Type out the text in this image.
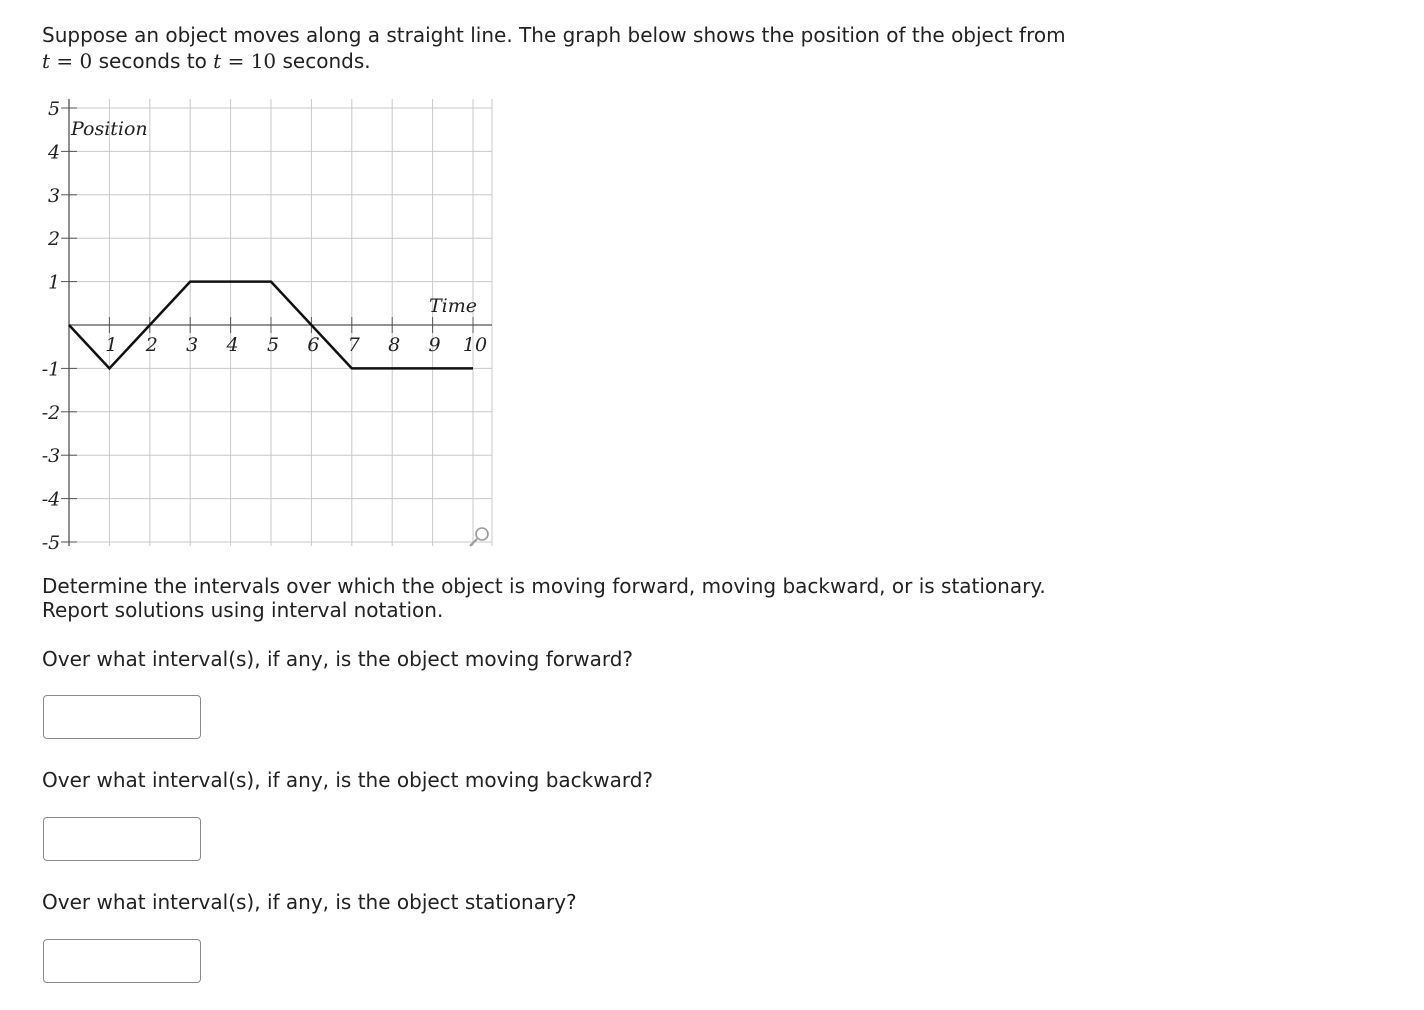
Suppose an object moves along a straight line. The graph below shows the position of the object from
t = 0 seconds to t = 10 seconds.
5
4
3
2
1
-1
-2
-3
-4
-5
1 2 3 4 5 6 7 8 9 10
Position
Time
Determine the intervals over which the object is moving forward, moving backward, or is stationary.
Report solutions using interval notation.
Over what interval(s), if any, is the object moving forward?
Over what interval(s), if any, is the object moving backward?
Over what interval(s), if any, is the object stationary?
